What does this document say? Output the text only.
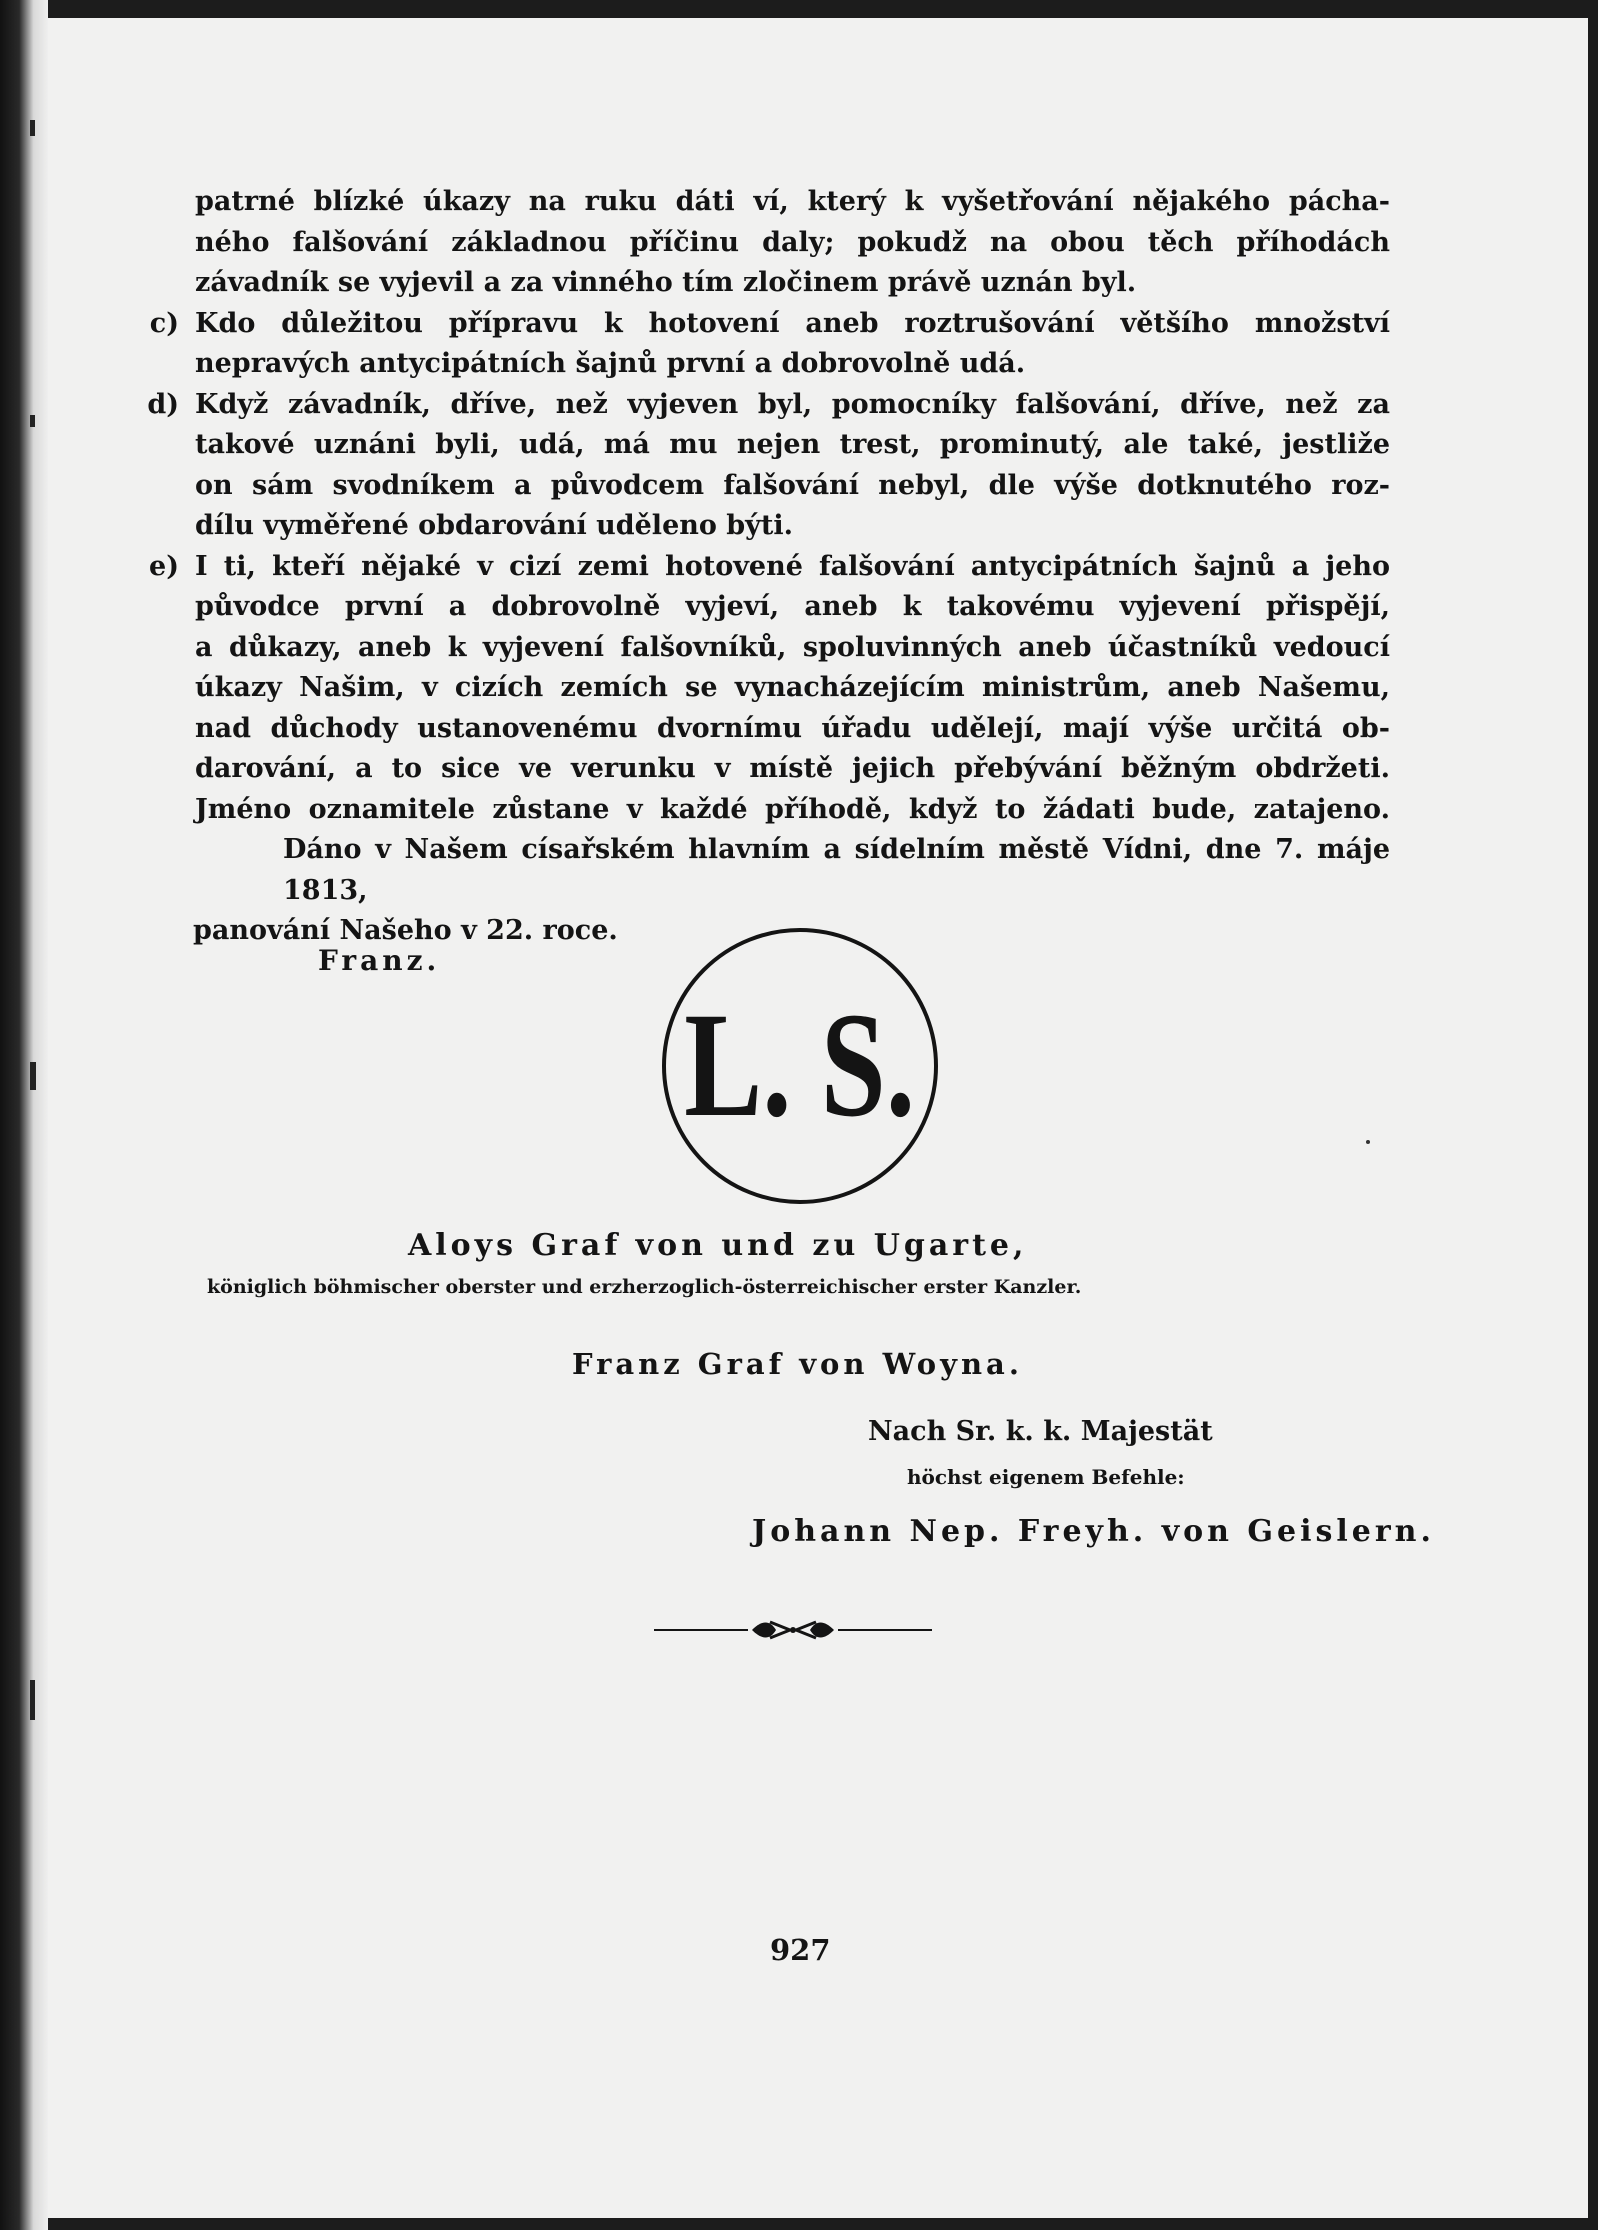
patrné blízké úkazy na ruku dáti ví, který k vyšetřování nějakého pácha-
ného falšování základnou příčinu daly; pokudž na obou těch příhodách
závadník se vyjevil a za vinného tím zločinem právě uznán byl.
c) Kdo důležitou přípravu k hotovení aneb roztrušování většího množství
nepravých antycipátních šajnů první a dobrovolně udá.
d) Když závadník, dříve, než vyjeven byl, pomocníky falšování, dříve, než za
takové uznáni byli, udá, má mu nejen trest, prominutý, ale také, jestliže
on sám svodníkem a původcem falšování nebyl, dle výše dotknutého roz-
dílu vyměřené obdarování uděleno býti.
e) I ti, kteří nějaké v cizí zemi hotovené falšování antycipátních šajnů a jeho
původce první a dobrovolně vyjeví, aneb k takovému vyjevení přispějí,
a důkazy, aneb k vyjevení falšovníků, spoluvinných aneb účastníků vedoucí
úkazy Našim, v cizích zemích se vynacházejícím ministrům, aneb Našemu,
nad důchody ustanovenému dvornímu úřadu udělejí, mají výše určitá ob-
darování, a to sice ve verunku v místě jejich přebývání běžným obdržeti.
Jméno oznamitele zůstane v každé příhodě, když to žádati bude, zatajeno.
Dáno v Našem císařském hlavním a sídelním městě Vídni, dne 7. máje 1813,
panování Našeho v 22. roce.
Franz.
L. S.
Aloys Graf von und zu Ugarte,
königlich böhmischer oberster und erzherzoglich-österreichischer erster Kanzler.
Franz Graf von Woyna.
Nach Sr. k. k. Majestät
höchst eigenem Befehle:
Johann Nep. Freyh. von Geislern.
927
